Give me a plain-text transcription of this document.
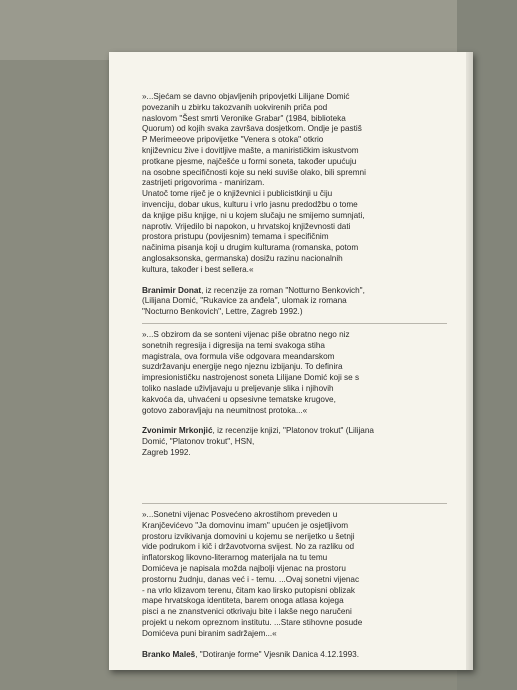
»...Sjećam se davno objavljenih pripovjetki Lilijane Domić
povezanih u zbirku takozvanih uokvirenih priča pod
naslovom "Šest smrti Veronike Grabar" (1984, biblioteka
Quorum) od kojih svaka završava dosjetkom. Ondje je pastiš
P Merimeeove pripovijetke "Venera s otoka" otkrio
književnicu žive i dovitljive mašte, a manirističkim iskustvom
protkane pjesme, najčešće u formi soneta, također upućuju
na osobne specifičnosti koje su neki suviše olako, bili spremni
zastrijeti prigovorima - manirizam.
Unatoč tome riječ je o književnici i publicistkinji u čiju
invenciju, dobar ukus, kulturu i vrlo jasnu predodžbu o tome
da knjige pišu knjige, ni u kojem slučaju ne smijemo sumnjati,
naprotiv. Vrijedilo bi napokon, u hrvatskoj književnosti dati
prostora pristupu (povijesnim) temama i specifičnim
načinima pisanja koji u drugim kulturama (romanska, potom
anglosaksonska, germanska) dosižu razinu nacionalnih
kultura, također i best sellera.«
Branimir Donat, iz recenzije za roman "Notturno Benkovich",
(Lilijana Domić, "Rukavice za anđela", ulomak iz romana
"Nocturno Benkovich", Lettre, Zagreb 1992.)
»...S obzirom da se sonteni vijenac piše obratno nego niz
sonetnih regresija i digresija na temi svakoga stiha
magistrala, ova formula više odgovara meandarskom
suzdržavanju energije nego njeznu izbijanju. To definira
impresionističku nastrojenost soneta Lilijane Domić koji se s
toliko naslade uživljavaju u preljevanje slika i njihovih
kakvoća da, uhvaćeni u opsesivne tematske krugove,
gotovo zaboravljaju na neumitnost protoka...«
Zvonimir Mrkonjić, iz recenzije knjizi, "Platonov trokut" (Lilijana
Domić, "Platonov trokut", HSN,
Zagreb 1992.
»...Sonetni vijenac Posvećeno akrostihom preveden u
Kranjčevićevo "Ja domovinu imam" upućen je osjetljivom
prostoru izvikivanja domovini u kojemu se nerijetko u šetnji
vide podrukom i kič i državotvorna svijest. No za razliku od
inflatorskog likovno-literarnog materijala na tu temu
Domićeva je napisala možda najbolji vijenac na prostoru
prostornu žudnju, danas već i - temu. ...Ovaj sonetni vijenac
- na vrlo klizavom terenu, čitam kao lirsko putopisni oblizak
mape hrvatskoga identiteta, barem onoga atlasa kojega
pisci a ne znanstvenici otkrivaju bite i lakše nego naručeni
projekt u nekom opreznom institutu. ...Stare stihovne posude
Domićeva puni biranim sadržajem...«
Branko Maleš, "Dotiranje forme" Vjesnik Danica 4.12.1993.
